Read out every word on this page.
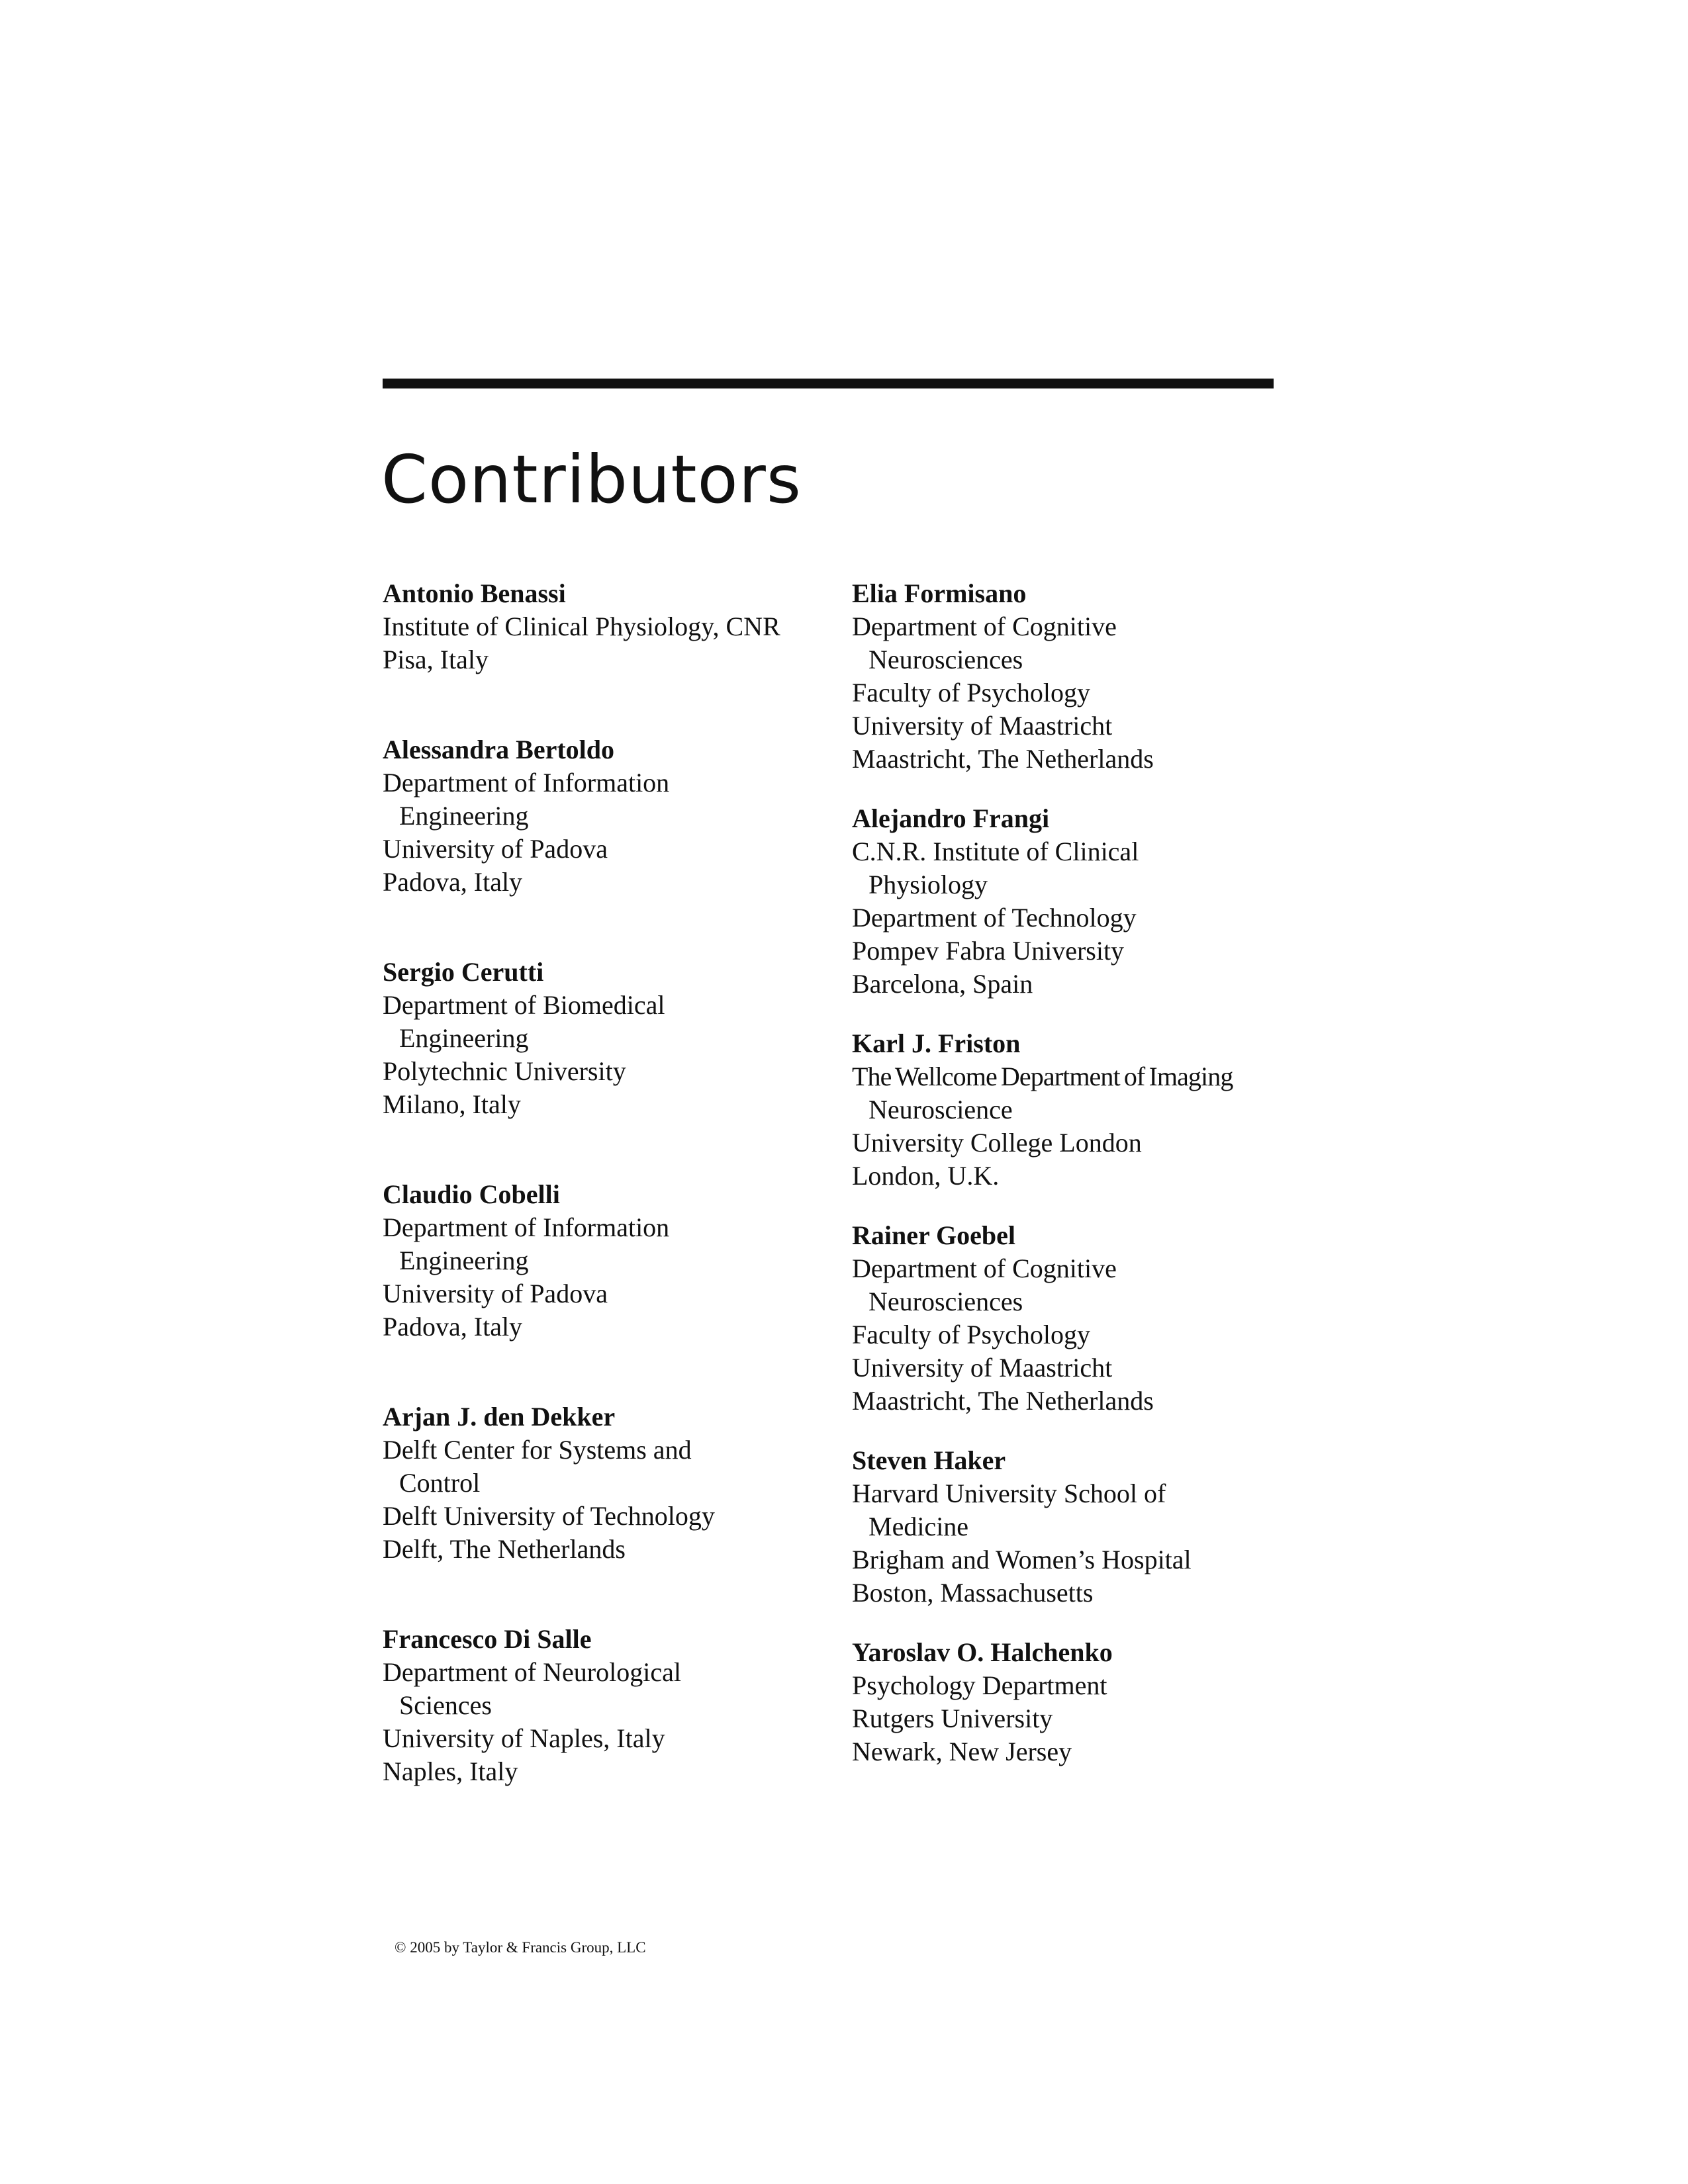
Contributors
Antonio Benassi
Institute of Clinical Physiology, CNR
Pisa, Italy
Alessandra Bertoldo
Department of Information
Engineering
University of Padova
Padova, Italy
Sergio Cerutti
Department of Biomedical
Engineering
Polytechnic University
Milano, Italy
Claudio Cobelli
Department of Information
Engineering
University of Padova
Padova, Italy
Arjan J. den Dekker
Delft Center for Systems and
Control
Delft University of Technology
Delft, The Netherlands
Francesco Di Salle
Department of Neurological
Sciences
University of Naples, Italy
Naples, Italy
Elia Formisano
Department of Cognitive
Neurosciences
Faculty of Psychology
University of Maastricht
Maastricht, The Netherlands
Alejandro Frangi
C.N.R. Institute of Clinical
Physiology
Department of Technology
Pompev Fabra University
Barcelona, Spain
Karl J. Friston
The Wellcome Department of Imaging
Neuroscience
University College London
London, U.K.
Rainer Goebel
Department of Cognitive
Neurosciences
Faculty of Psychology
University of Maastricht
Maastricht, The Netherlands
Steven Haker
Harvard University School of
Medicine
Brigham and Women’s Hospital
Boston, Massachusetts
Yaroslav O. Halchenko
Psychology Department
Rutgers University
Newark, New Jersey
© 2005 by Taylor & Francis Group, LLC
